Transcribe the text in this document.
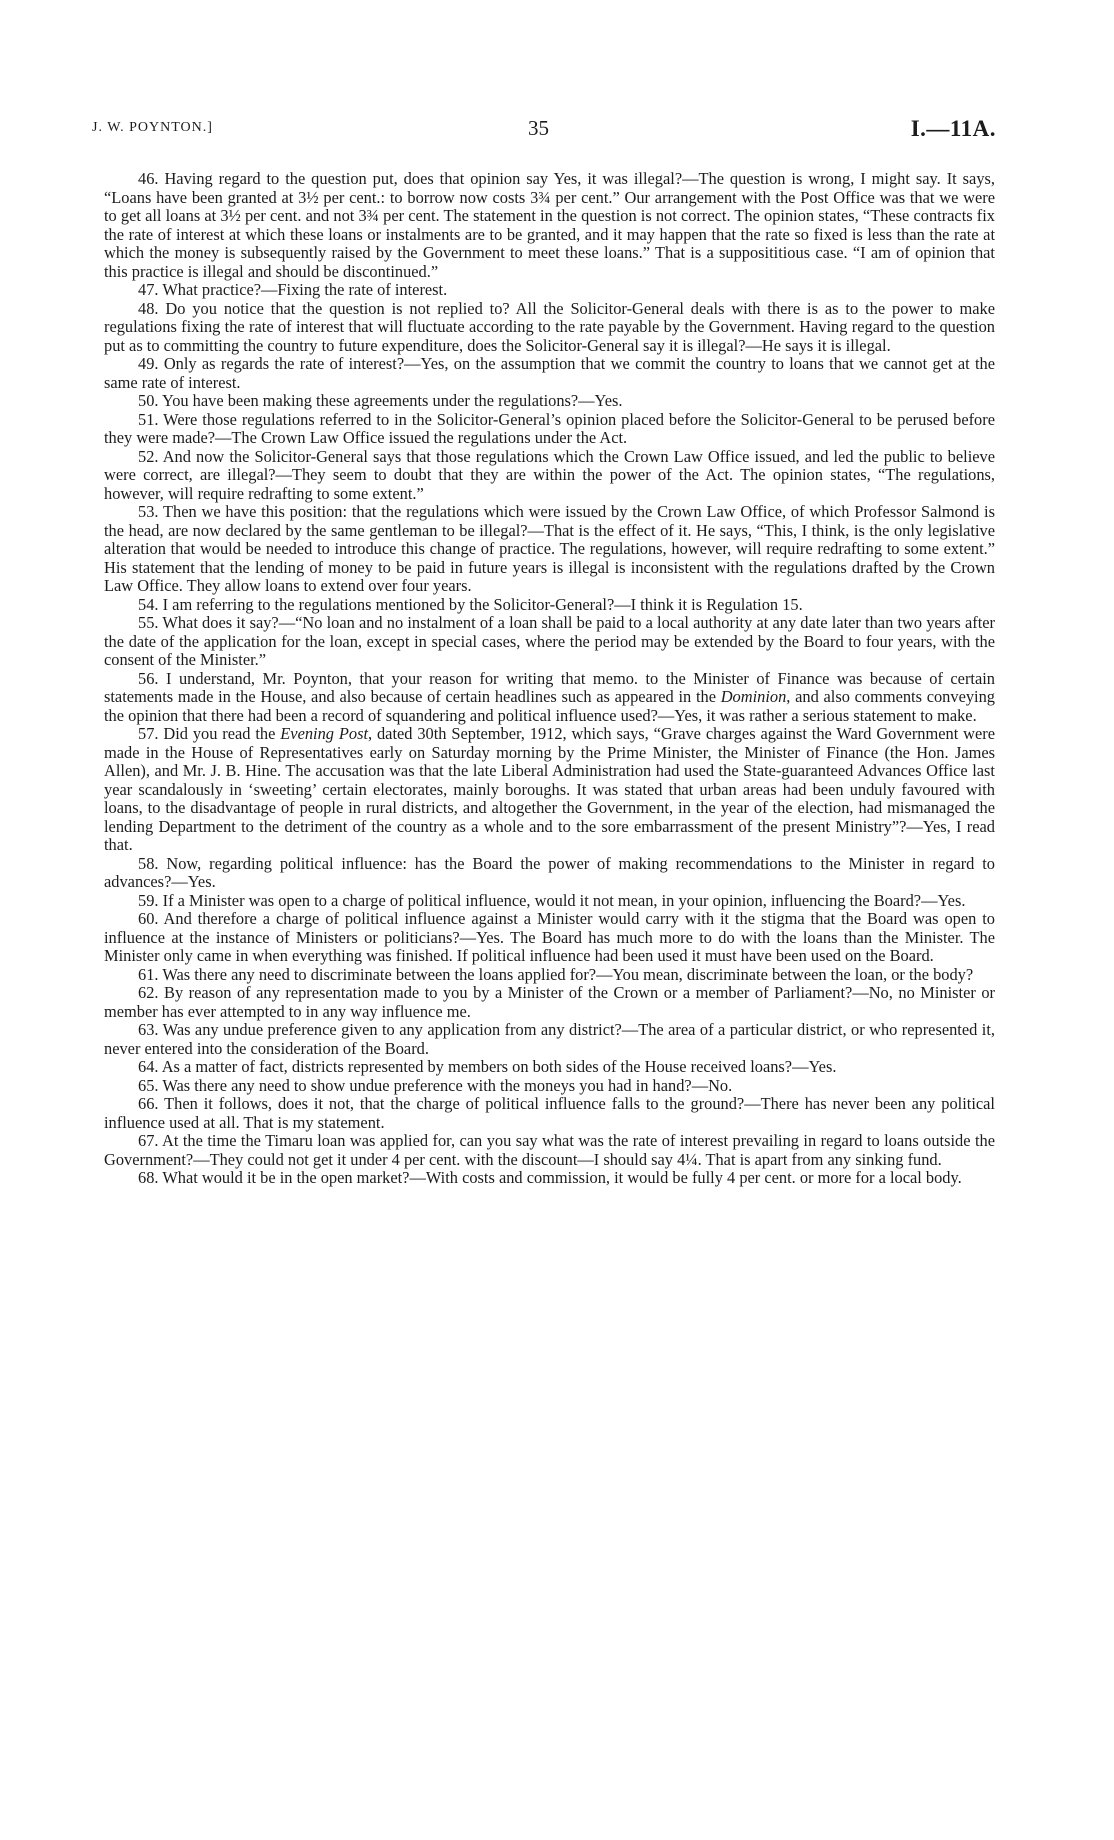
J. W. POYNTON.]	35	I.—11A.

46. Having regard to the question put, does that opinion say Yes, it was illegal?—The question is wrong, I might say. It says, “Loans have been granted at 3½ per cent.: to borrow now costs 3¾ per cent.” Our arrangement with the Post Office was that we were to get all loans at 3½ per cent. and not 3¾ per cent. The statement in the question is not correct. The opinion states, “These contracts fix the rate of interest at which these loans or instalments are to be granted, and it may happen that the rate so fixed is less than the rate at which the money is subsequently raised by the Government to meet these loans.” That is a supposititious case. “I am of opinion that this practice is illegal and should be discontinued.”

47. What practice?—Fixing the rate of interest.

48. Do you notice that the question is not replied to? All the Solicitor-General deals with there is as to the power to make regulations fixing the rate of interest that will fluctuate according to the rate payable by the Government. Having regard to the question put as to committing the country to future expenditure, does the Solicitor-General say it is illegal?—He says it is illegal.

49. Only as regards the rate of interest?—Yes, on the assumption that we commit the country to loans that we cannot get at the same rate of interest.

50. You have been making these agreements under the regulations?—Yes.

51. Were those regulations referred to in the Solicitor-General’s opinion placed before the Solicitor-General to be perused before they were made?—The Crown Law Office issued the regulations under the Act.

52. And now the Solicitor-General says that those regulations which the Crown Law Office issued, and led the public to believe were correct, are illegal?—They seem to doubt that they are within the power of the Act. The opinion states, “The regulations, however, will require redrafting to some extent.”

53. Then we have this position: that the regulations which were issued by the Crown Law Office, of which Professor Salmond is the head, are now declared by the same gentleman to be illegal?—That is the effect of it. He says, “This, I think, is the only legislative alteration that would be needed to introduce this change of practice. The regulations, however, will require redrafting to some extent.” His statement that the lending of money to be paid in future years is illegal is inconsistent with the regulations drafted by the Crown Law Office. They allow loans to extend over four years.

54. I am referring to the regulations mentioned by the Solicitor-General?—I think it is Regulation 15.

55. What does it say?—“No loan and no instalment of a loan shall be paid to a local authority at any date later than two years after the date of the application for the loan, except in special cases, where the period may be extended by the Board to four years, with the consent of the Minister.”

56. I understand, Mr. Poynton, that your reason for writing that memo. to the Minister of Finance was because of certain statements made in the House, and also because of certain headlines such as appeared in the Dominion, and also comments conveying the opinion that there had been a record of squandering and political influence used?—Yes, it was rather a serious statement to make.

57. Did you read the Evening Post, dated 30th September, 1912, which says, “Grave charges against the Ward Government were made in the House of Representatives early on Saturday morning by the Prime Minister, the Minister of Finance (the Hon. James Allen), and Mr. J. B. Hine. The accusation was that the late Liberal Administration had used the State-guaranteed Advances Office last year scandalously in ‘sweeting’ certain electorates, mainly boroughs. It was stated that urban areas had been unduly favoured with loans, to the disadvantage of people in rural districts, and altogether the Government, in the year of the election, had mismanaged the lending Department to the detriment of the country as a whole and to the sore embarrassment of the present Ministry”?—Yes, I read that.

58. Now, regarding political influence: has the Board the power of making recommendations to the Minister in regard to advances?—Yes.

59. If a Minister was open to a charge of political influence, would it not mean, in your opinion, influencing the Board?—Yes.

60. And therefore a charge of political influence against a Minister would carry with it the stigma that the Board was open to influence at the instance of Ministers or politicians?—Yes. The Board has much more to do with the loans than the Minister. The Minister only came in when everything was finished. If political influence had been used it must have been used on the Board.

61. Was there any need to discriminate between the loans applied for?—You mean, discriminate between the loan, or the body?

62. By reason of any representation made to you by a Minister of the Crown or a member of Parliament?—No, no Minister or member has ever attempted to in any way influence me.

63. Was any undue preference given to any application from any district?—The area of a particular district, or who represented it, never entered into the consideration of the Board.

64. As a matter of fact, districts represented by members on both sides of the House received loans?—Yes.

65. Was there any need to show undue preference with the moneys you had in hand?—No.

66. Then it follows, does it not, that the charge of political influence falls to the ground?—There has never been any political influence used at all. That is my statement.

67. At the time the Timaru loan was applied for, can you say what was the rate of interest prevailing in regard to loans outside the Government?—They could not get it under 4 per cent. with the discount—I should say 4¼. That is apart from any sinking fund.

68. What would it be in the open market?—With costs and commission, it would be fully 4 per cent. or more for a local body.
